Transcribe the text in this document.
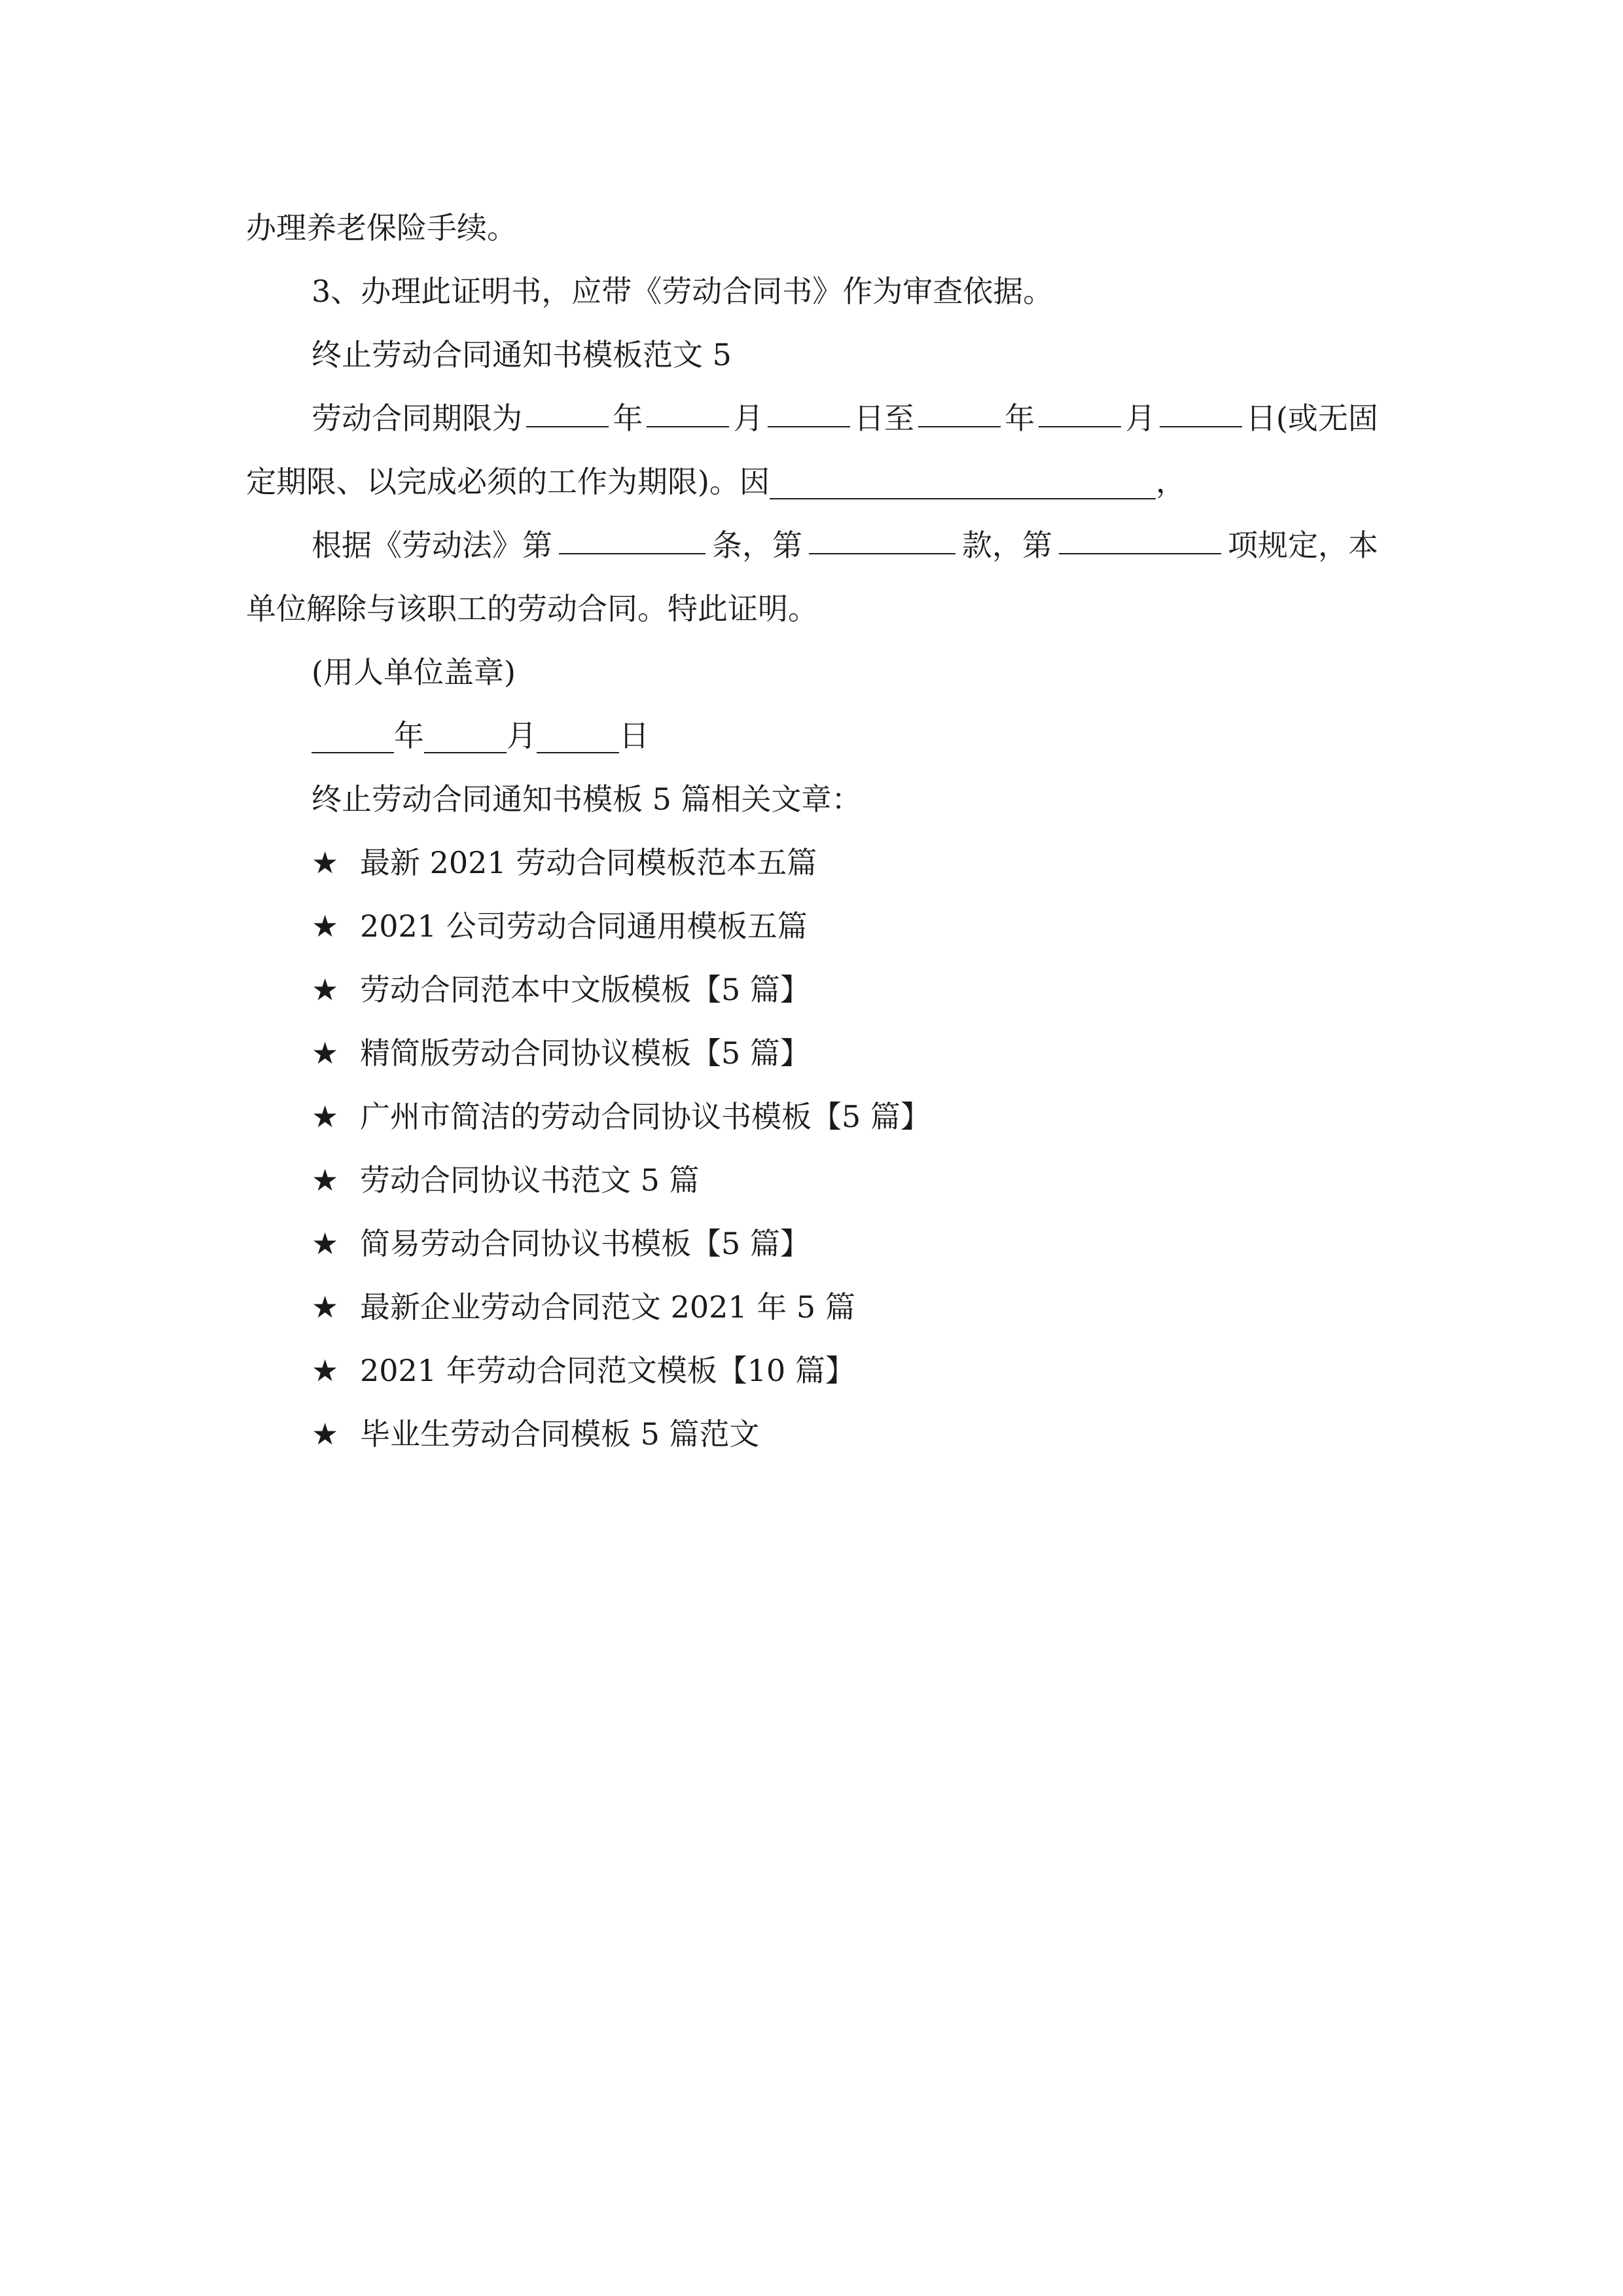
办理养老保险手续。
3、办理此证明书，应带《劳动合同书》作为审查依据。
终止劳动合同通知书模板范文 5
劳动合同期限为	年	月	日至	年	月	日(或无固
定期限、以完成必须的工作为期限)。因	，
根据《劳动法》第	条，第	款，第	项规定，本
单位解除与该职工的劳动合同。特此证明。
(用人单位盖章)
年	月	日
终止劳动合同通知书模板 5 篇相关文章：
★ 最新 2021 劳动合同模板范本五篇
★ 2021 公司劳动合同通用模板五篇
★ 劳动合同范本中文版模板【5 篇】
★ 精简版劳动合同协议模板【5 篇】
★ 广州市简洁的劳动合同协议书模板【5 篇】
★ 劳动合同协议书范文 5 篇
★ 简易劳动合同协议书模板【5 篇】
★ 最新企业劳动合同范文 2021 年 5 篇
★ 2021 年劳动合同范文模板【10 篇】
★ 毕业生劳动合同模板 5 篇范文
